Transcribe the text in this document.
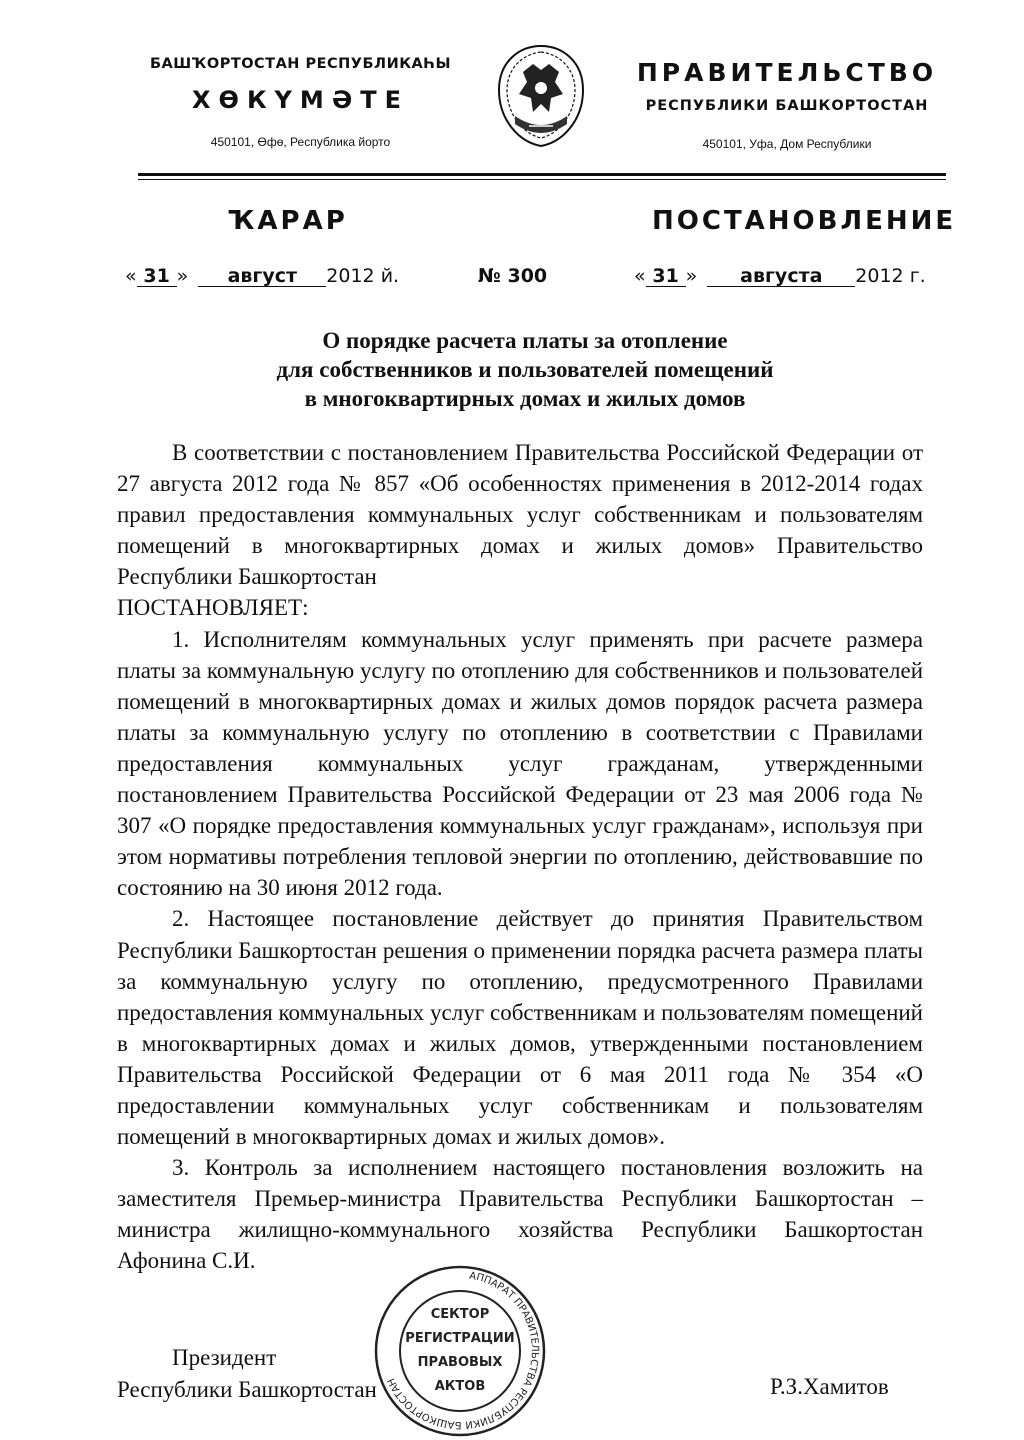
БАШҠОРТОСТАН РЕСПУБЛИКАҺЫ
ХӨКҮМӘТЕ
450101, Өфө, Республика йорто
ПРАВИТЕЛЬСТВО
РЕСПУБЛИКИ БАШКОРТОСТАН
450101, Уфа, Дом Республики
ҠАРАР	ПОСТАНОВЛЕНИЕ
« 31 » август 2012 й.	№ 300	« 31 » августа 2012 г.
О порядке расчета платы за отопление
для собственников и пользователей помещений
в многоквартирных домах и жилых домов

В соответствии с постановлением Правительства Российской Федерации от 27 августа 2012 года № 857 «Об особенностях применения в 2012-2014 годах правил предоставления коммунальных услуг собственникам и пользователям помещений в многоквартирных домах и жилых домов» Правительство Республики Башкортостан

ПОСТАНОВЛЯЕТ:

1. Исполнителям коммунальных услуг применять при расчете размера платы за коммунальную услугу по отоплению для собственников и пользователей помещений в многоквартирных домах и жилых домов порядок расчета размера платы за коммунальную услугу по отоплению в соответствии с Правилами предоставления коммунальных услуг гражданам, утвержденными постановлением Правительства Российской Федерации от 23 мая 2006 года № 307 «О порядке предоставления коммунальных услуг гражданам», используя при этом нормативы потребления тепловой энергии по отоплению, действовавшие по состоянию на 30 июня 2012 года.

2. Настоящее постановление действует до принятия Правительством Республики Башкортостан решения о применении порядка расчета размера платы за коммунальную услугу по отоплению, предусмотренного Правилами предоставления коммунальных услуг собственникам и пользователям помещений в многоквартирных домах и жилых домов, утвержденными постановлением Правительства Российской Федерации от 6 мая 2011 года № 354 «О предоставлении коммунальных услуг собственникам и пользователям помещений в многоквартирных домах и жилых домов».

3. Контроль за исполнением настоящего постановления возложить на заместителя Премьер-министра Правительства Республики Башкортостан – министра жилищно-коммунального хозяйства Республики Башкортостан Афонина С.И.

Президент
Республики Башкортостан	Р.З.Хамитов
АППАРАТ ПРАВИТЕЛЬСТВА РЕСПУБЛИКИ БАШКОРТОСТАН
СЕКТОР
РЕГИСТРАЦИИ
ПРАВОВЫХ
АКТОВ
